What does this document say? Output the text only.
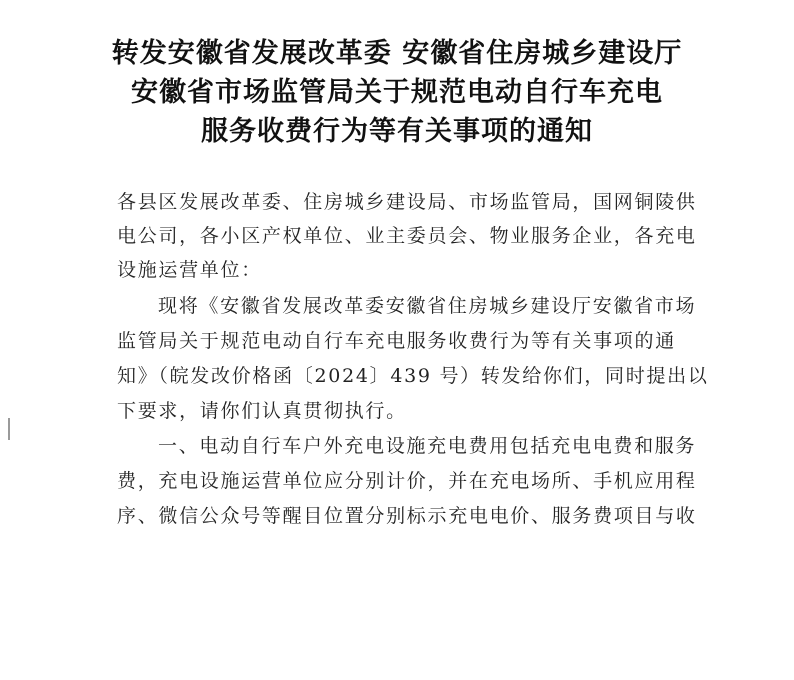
转发安徽省发展改革委 安徽省住房城乡建设厅
安徽省市场监管局关于规范电动自行车充电
服务收费行为等有关事项的通知
各县区发展改革委、住房城乡建设局、市场监管局，国网铜陵供
电公司，各小区产权单位、业主委员会、物业服务企业，各充电
设施运营单位：
现将《安徽省发展改革委安徽省住房城乡建设厅安徽省市场
监管局关于规范电动自行车充电服务收费行为等有关事项的通
知》（皖发改价格函〔2024〕439 号）转发给你们，同时提出以
下要求，请你们认真贯彻执行。
一、电动自行车户外充电设施充电费用包括充电电费和服务
费，充电设施运营单位应分别计价，并在充电场所、手机应用程
序、微信公众号等醒目位置分别标示充电电价、服务费项目与收
